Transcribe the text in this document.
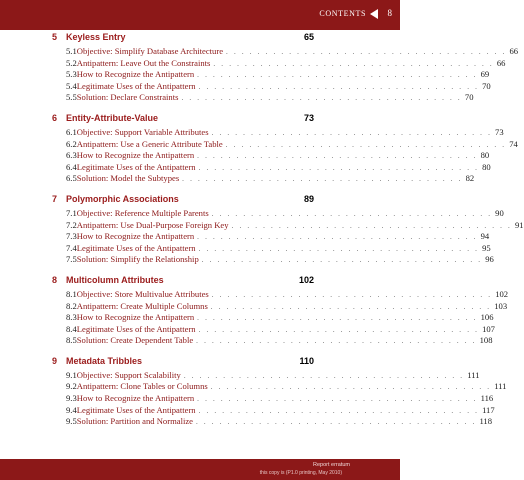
CONTENTS 8
5 Keyless Entry	65
5.1 Objective: Simplify Database Architecture . . . . . . . . . . . . . . . . . . . . . . . . . . . . . . . . . . . . 66
5.2 Antipattern: Leave Out the Constraints . . . . . . . . . . . . . . . . . . . . . . . . . . . . . . . . . . . . 66
5.3 How to Recognize the Antipattern . . . . . . . . . . . . . . . . . . . . . . . . . . . . . . . . . . . . 69
5.4 Legitimate Uses of the Antipattern . . . . . . . . . . . . . . . . . . . . . . . . . . . . . . . . . . . . 70
5.5 Solution: Declare Constraints . . . . . . . . . . . . . . . . . . . . . . . . . . . . . . . . . . . . 70
6 Entity-Attribute-Value	73
6.1 Objective: Support Variable Attributes . . . . . . . . . . . . . . . . . . . . . . . . . . . . . . . . . . . . 73
6.2 Antipattern: Use a Generic Attribute Table . . . . . . . . . . . . . . . . . . . . . . . . . . . . . . . . . . . . 74
6.3 How to Recognize the Antipattern . . . . . . . . . . . . . . . . . . . . . . . . . . . . . . . . . . . . 80
6.4 Legitimate Uses of the Antipattern . . . . . . . . . . . . . . . . . . . . . . . . . . . . . . . . . . . . 80
6.5 Solution: Model the Subtypes . . . . . . . . . . . . . . . . . . . . . . . . . . . . . . . . . . . . 82
7 Polymorphic Associations	89
7.1 Objective: Reference Multiple Parents . . . . . . . . . . . . . . . . . . . . . . . . . . . . . . . . . . . . 90
7.2 Antipattern: Use Dual-Purpose Foreign Key . . . . . . . . . . . . . . . . . . . . . . . . . . . . . . . . . . . . 91
7.3 How to Recognize the Antipattern . . . . . . . . . . . . . . . . . . . . . . . . . . . . . . . . . . . . 94
7.4 Legitimate Uses of the Antipattern . . . . . . . . . . . . . . . . . . . . . . . . . . . . . . . . . . . . 95
7.5 Solution: Simplify the Relationship . . . . . . . . . . . . . . . . . . . . . . . . . . . . . . . . . . . . 96
8 Multicolumn Attributes	102
8.1 Objective: Store Multivalue Attributes . . . . . . . . . . . . . . . . . . . . . . . . . . . . . . . . . . . . 102
8.2 Antipattern: Create Multiple Columns . . . . . . . . . . . . . . . . . . . . . . . . . . . . . . . . . . . . 103
8.3 How to Recognize the Antipattern . . . . . . . . . . . . . . . . . . . . . . . . . . . . . . . . . . . . 106
8.4 Legitimate Uses of the Antipattern . . . . . . . . . . . . . . . . . . . . . . . . . . . . . . . . . . . . 107
8.5 Solution: Create Dependent Table . . . . . . . . . . . . . . . . . . . . . . . . . . . . . . . . . . . . 108
9 Metadata Tribbles	110
9.1 Objective: Support Scalability . . . . . . . . . . . . . . . . . . . . . . . . . . . . . . . . . . . . 111
9.2 Antipattern: Clone Tables or Columns . . . . . . . . . . . . . . . . . . . . . . . . . . . . . . . . . . . . 111
9.3 How to Recognize the Antipattern . . . . . . . . . . . . . . . . . . . . . . . . . . . . . . . . . . . . 116
9.4 Legitimate Uses of the Antipattern . . . . . . . . . . . . . . . . . . . . . . . . . . . . . . . . . . . . 117
9.5 Solution: Partition and Normalize . . . . . . . . . . . . . . . . . . . . . . . . . . . . . . . . . . . . 118
Report erratum
this copy is (P1.0 printing, May 2010)
